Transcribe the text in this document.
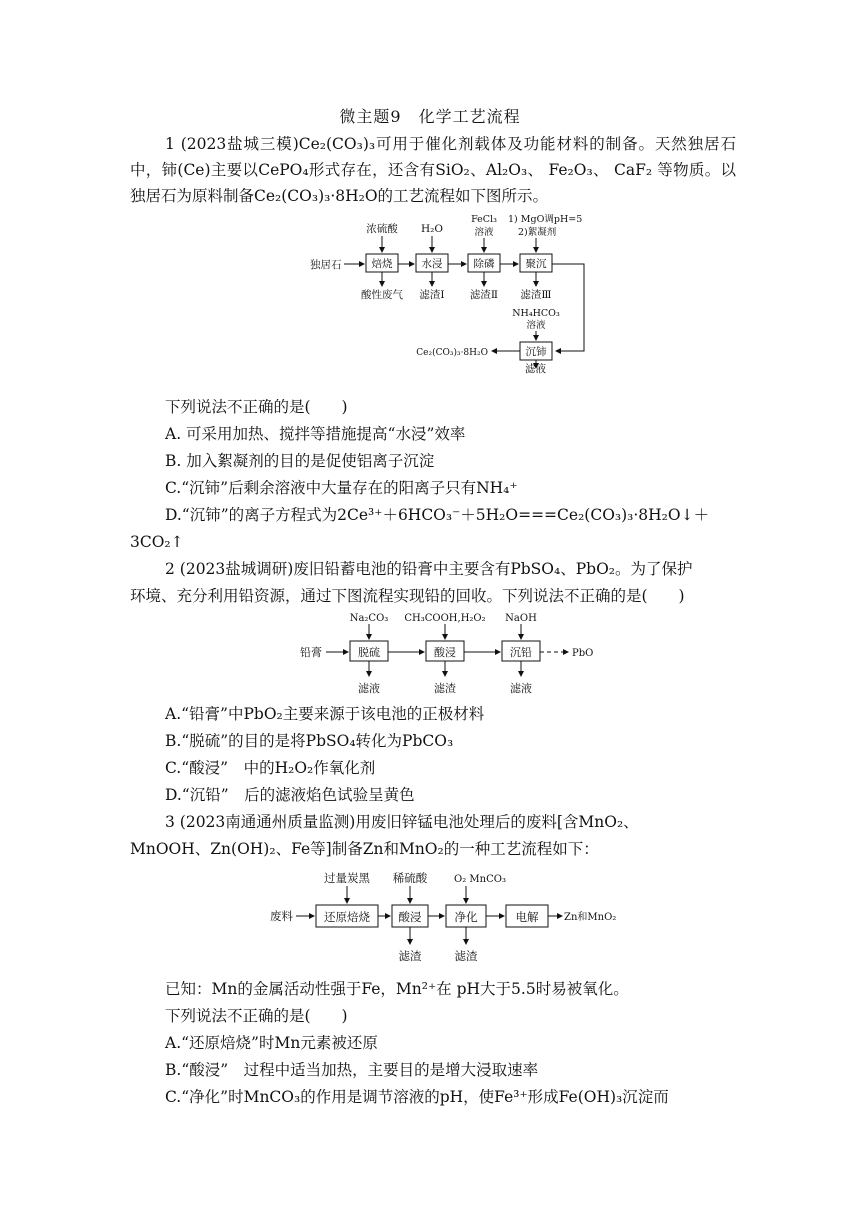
微主题9　化学工艺流程
1 (2023盐城三模)Ce₂(CO₃)₃可用于催化剂载体及功能材料的制备。天然独居石中，铈(Ce)主要以CePO₄形式存在，还含有SiO₂、Al₂O₃、 Fe₂O₃、 CaF₂ 等物质。以独居石为原料制备Ce₂(CO₃)₃·8H₂O的工艺流程如下图所示。
独居石	焙烧	水浸	除磷	聚沉
沉铈
Ce₂(CO₃)₃·8H₂O
浓硫酸 H₂O
FeCl₃
溶液
1) MgO调pH=5
2)絮凝剂
NH₄HCO₃
溶液
酸性废气 滤渣Ⅰ 滤渣Ⅱ 滤渣Ⅲ
滤液
下列说法不正确的是(　　)
A. 可采用加热、搅拌等措施提高“水浸”效率
B. 加入絮凝剂的目的是促使铝离子沉淀
C.“沉铈”后剩余溶液中大量存在的阳离子只有NH₄⁺
D.“沉铈”的离子方程式为2Ce³⁺＋6HCO₃⁻＋5H₂O===Ce₂(CO₃)₃·8H₂O↓＋
3CO₂↑
2 (2023盐城调研)废旧铅蓄电池的铅膏中主要含有PbSO₄、PbO₂。为了保护
环境、充分利用铅资源，通过下图流程实现铅的回收。下列说法不正确的是(　　)
铅膏	脱硫	酸浸	沉铅	PbO
Na₂CO₃ CH₃COOH,H₂O₂ NaOH
滤液	滤渣	滤液
A.“铅膏”中PbO₂主要来源于该电池的正极材料
B.“脱硫”的目的是将PbSO₄转化为PbCO₃
C.“酸浸”　中的H₂O₂作氧化剂
D.“沉铅”　后的滤液焰色试验呈黄色
3 (2023南通通州质量监测)用废旧锌锰电池处理后的废料[含MnO₂、
MnOOH、Zn(OH)₂、Fe等]制备Zn和MnO₂的一种工艺流程如下：
废料	还原焙烧 酸浸	净化	电解	Zn和MnO₂
过量炭黑 稀硫酸	O₂ MnCO₃
滤渣	滤渣
已知：Mn的金属活动性强于Fe，Mn²⁺在 pH大于5.5时易被氧化。
下列说法不正确的是(　　)
A.“还原焙烧”时Mn元素被还原
B.“酸浸”　过程中适当加热，主要目的是增大浸取速率
C.“净化”时MnCO₃的作用是调节溶液的pH，使Fe³⁺形成Fe(OH)₃沉淀而
